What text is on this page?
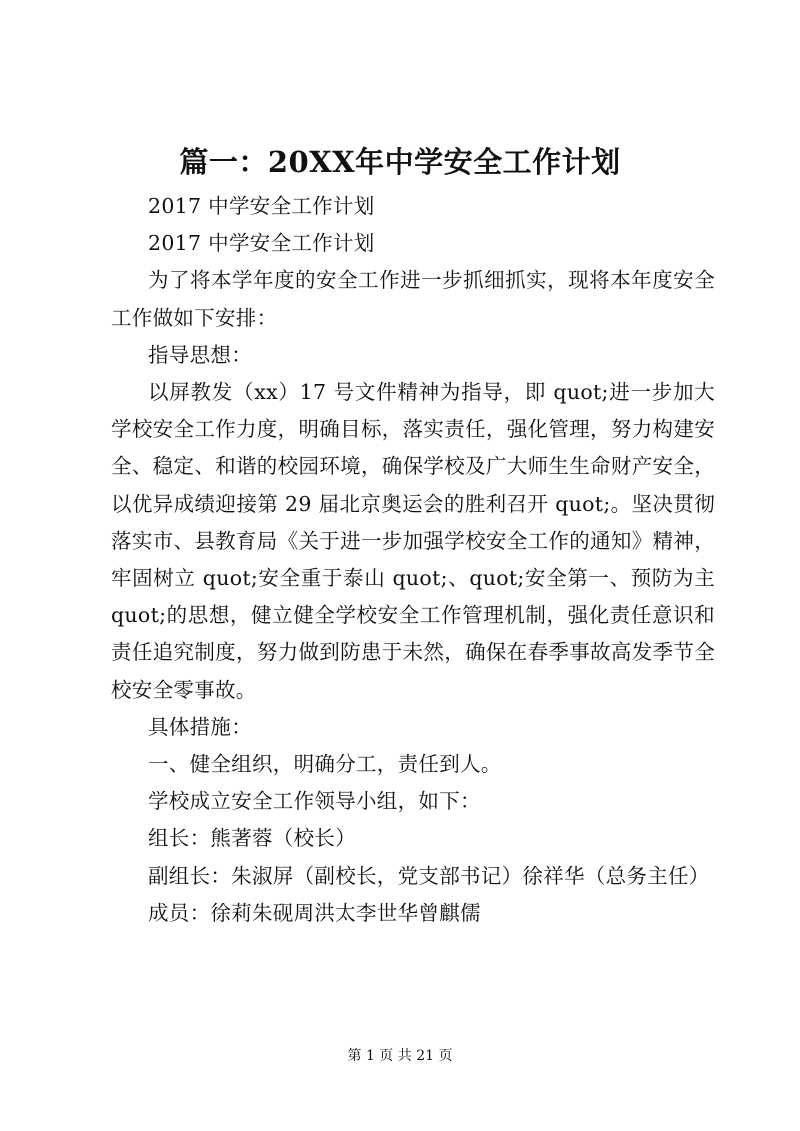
篇一：20XX年中学安全工作计划

2017 中学安全工作计划

2017 中学安全工作计划

为了将本学年度的安全工作进一步抓细抓实，现将本年度安全工作做如下安排：

指导思想：

以屏教发（xx）17 号文件精神为指导，即 quot;进一步加大学校安全工作力度，明确目标，落实责任，强化管理，努力构建安全、稳定、和谐的校园环境，确保学校及广大师生生命财产安全，以优异成绩迎接第 29 届北京奥运会的胜利召开 quot;。坚决贯彻落实市、县教育局《关于进一步加强学校安全工作的通知》精神，牢固树立 quot;安全重于泰山 quot;、quot;安全第一、预防为主 quot;的思想，健立健全学校安全工作管理机制，强化责任意识和责任追究制度，努力做到防患于未然，确保在春季事故高发季节全校安全零事故。

具体措施：

一、健全组织，明确分工，责任到人。

学校成立安全工作领导小组，如下：

组长：熊著蓉（校长）

副组长：朱淑屏（副校长，党支部书记）徐祥华（总务主任）

成员：徐莉朱砚周洪太李世华曾麒儒

第 1 页 共 21 页
